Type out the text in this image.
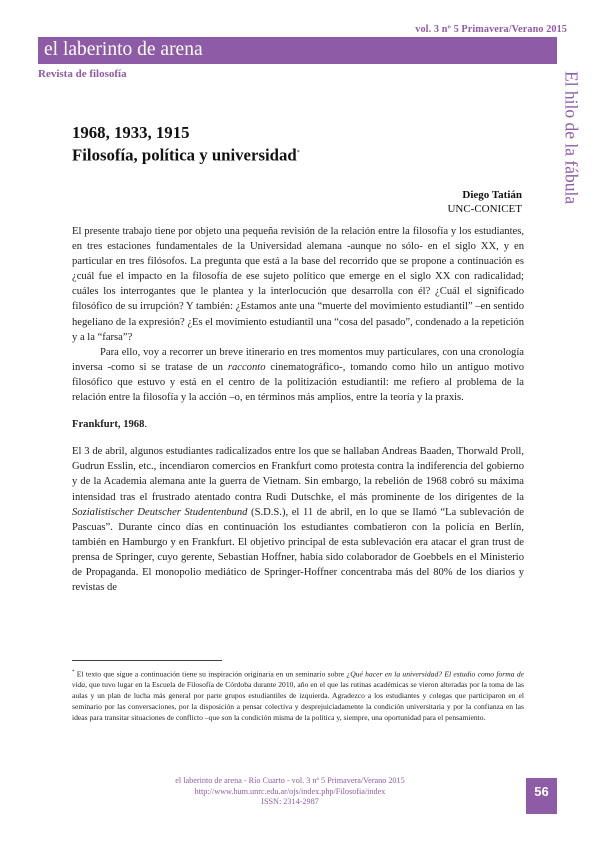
vol. 3 nº 5 Primavera/Verano 2015
el laberinto de arena
Revista de filosofía	El hilo de la fábula
1968, 1933, 1915
Filosofía, política y universidad*
Diego Tatián
UNC-CONICET

El presente trabajo tiene por objeto una pequeña revisión de la relación entre la filosofía y los estudiantes, en tres estaciones fundamentales de la Universidad alemana -aunque no sólo- en el siglo XX, y en particular en tres filósofos. La pregunta que está a la base del recorrido que se propone a continuación es ¿cuál fue el impacto en la filosofía de ese sujeto político que emerge en el siglo XX con radicalidad; cuáles los interrogantes que le plantea y la interlocución que desarrolla con él? ¿Cuál el significado filosófico de su irrupción? Y también: ¿Estamos ante una “muerte del movimiento estudiantil” –en sentido hegeliano de la expresión? ¿Es el movimiento estudiantil una “cosa del pasado”, condenado a la repetición y a la “farsa”?

Para ello, voy a recorrer un breve itinerario en tres momentos muy particulares, con una cronología inversa -como si se tratase de un racconto cinematográfico-, tomando como hilo un antiguo motivo filosófico que estuvo y está en el centro de la politización estudiantil: me refiero al problema de la relación entre la filosofía y la acción –o, en términos más amplios, entre la teoría y la praxis.

Frankfurt, 1968.

El 3 de abril, algunos estudiantes radicalizados entre los que se hallaban Andreas Baaden, Thorwald Proll, Gudrun Esslin, etc., incendiaron comercios en Frankfurt como protesta contra la indiferencia del gobierno y de la Academia alemana ante la guerra de Vietnam. Sin embargo, la rebelión de 1968 cobró su máxima intensidad tras el frustrado atentado contra Rudi Dutschke, el más prominente de los dirigentes de la Sozialistischer Deutscher Studentenbund (S.D.S.), el 11 de abril, en lo que se llamó “La sublevación de Pascuas”. Durante cinco días en continuación los estudiantes combatieron con la policía en Berlín, también en Hamburgo y en Frankfurt. El objetivo principal de esta sublevación era atacar el gran trust de prensa de Springer, cuyo gerente, Sebastian Hoffner, había sido colaborador de Goebbels en el Ministerio de Propaganda. El monopolio mediático de Springer-Hoffner concentraba más del 80% de los diarios y revistas de

* El texto que sigue a continuación tiene su inspiración originaria en un seminario sobre ¿Qué hacer en la universidad? El estudio como forma de vida, que tuvo lugar en la Escuela de Filosofía de Córdoba durante 2010, año en el que las rutinas académicas se vieron alteradas por la toma de las aulas y un plan de lucha más general por parte grupos estudiantiles de izquierda. Agradezco a los estudiantes y colegas que participaron en el seminario por las conversaciones, por la disposición a pensar colectiva y desprejuiciadamente la condición universitaria y por la confianza en las ideas para transitar situaciones de conflicto –que son la condición misma de la política y, siempre, una oportunidad para el pensamiento.
el laberinto de arena - Río Cuarto - vol. 3 nº 5 Primavera/Verano 2015
http://www.hum.unrc.edu.ar/ojs/index.php/Filosofia/index
ISSN: 2314-2987
56
